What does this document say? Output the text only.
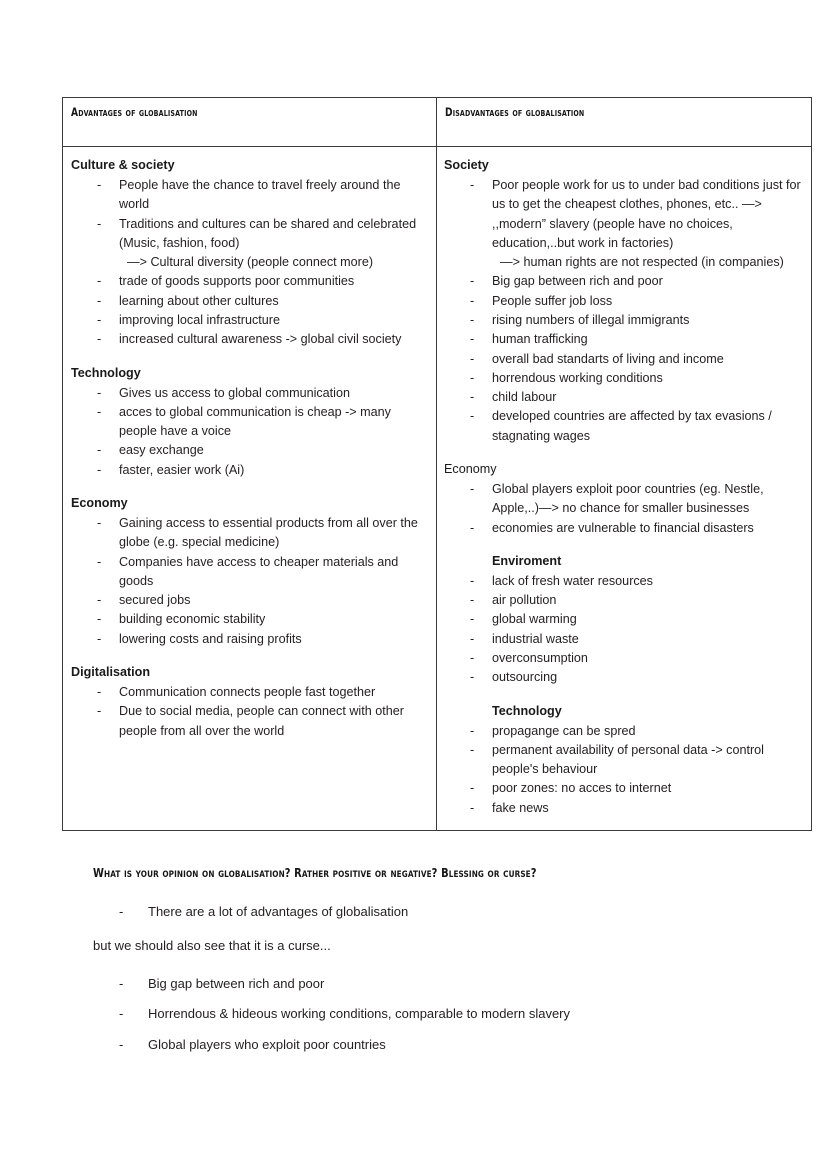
Advantages of globalisation	Disadvantages of globalisation

Culture & society
- People have the chance to travel freely around the world
- Traditions and cultures can be shared and celebrated (Music, fashion, food)
—> Cultural diversity (people connect more)
- trade of goods supports poor communities
- learning about other cultures
- improving local infrastructure
- increased cultural awareness -> global civil society
Technology
- Gives us access to global communication
- acces to global communication is cheap -> many people have a voice
- easy exchange
- faster, easier work (Ai)
Economy
- Gaining access to essential products from all over the globe (e.g. special medicine)
- Companies have access to cheaper materials and goods
- secured jobs
- building economic stability
- lowering costs and raising profits
Digitalisation
- Communication connects people fast together
- Due to social media, people can connect with other people from all over the world

Society
- Poor people work for us to under bad conditions just for us to get the cheapest clothes, phones, etc.. —> ,,modern” slavery (people have no choices, education,..but work in factories)
—> human rights are not respected (in companies)
- Big gap between rich and poor
- People suffer job loss
- rising numbers of illegal immigrants
- human trafficking
- overall bad standarts of living and income
- horrendous working conditions
- child labour
- developed countries are affected by tax evasions / stagnating wages
Economy
- Global players exploit poor countries (eg. Nestle, Apple,..)—> no chance for smaller businesses
- economies are vulnerable to financial disasters
Enviroment
- lack of fresh water resources
- air pollution
- global warming
- industrial waste
- overconsumption
- outsourcing
Technology
- propagange can be spred
- permanent availability of personal data -> control people's behaviour
- poor zones: no acces to internet
- fake news
What is your opinion on globalisation? Rather positive or negative? Blessing or curse?
- There are a lot of advantages of globalisation
but we should also see that it is a curse...
- Big gap between rich and poor
- Horrendous & hideous working conditions, comparable to modern slavery
- Global players who exploit poor countries
